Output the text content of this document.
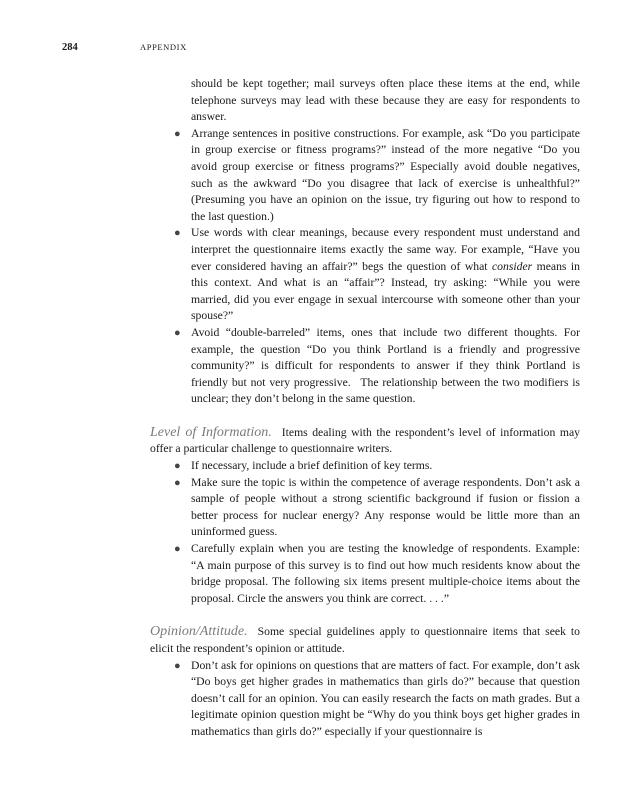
284	APPENDIX

should be kept together; mail surveys often place these items at the end, while telephone surveys may lead with these because they are easy for respondents to answer.

● Arrange sentences in positive constructions. For example, ask “Do you participate in group exercise or fitness programs?” instead of the more negative “Do you avoid group exercise or fitness programs?” Especially avoid double negatives, such as the awkward “Do you disagree that lack of exercise is unhealthful?” (Presuming you have an opinion on the issue, try figuring out how to respond to the last question.)
● Use words with clear meanings, because every respondent must understand and interpret the questionnaire items exactly the same way. For example, “Have you ever considered having an affair?” begs the question of what consider means in this context. And what is an “affair”? Instead, try asking: “While you were married, did you ever engage in sexual intercourse with someone other than your spouse?”
● Avoid “double-barreled” items, ones that include two different thoughts. For example, the question “Do you think Portland is a friendly and progressive community?” is difficult for respondents to answer if they think Portland is friendly but not very progressive. The relationship between the two modifiers is unclear; they don’t belong in the same question.

Level of Information. Items dealing with the respondent’s level of information may offer a particular challenge to questionnaire writers.

● If necessary, include a brief definition of key terms.
● Make sure the topic is within the competence of average respondents. Don’t ask a sample of people without a strong scientific background if fusion or fission a better process for nuclear energy? Any response would be little more than an uninformed guess.
● Carefully explain when you are testing the knowledge of respondents. Example: “A main purpose of this survey is to find out how much residents know about the bridge proposal. The following six items present multiple-choice items about the proposal. Circle the answers you think are correct. . . .”

Opinion/Attitude. Some special guidelines apply to questionnaire items that seek to elicit the respondent’s opinion or attitude.

● Don’t ask for opinions on questions that are matters of fact. For example, don’t ask “Do boys get higher grades in mathematics than girls do?” because that question doesn’t call for an opinion. You can easily research the facts on math grades. But a legitimate opinion question might be “Why do you think boys get higher grades in mathematics than girls do?” especially if your questionnaire is
